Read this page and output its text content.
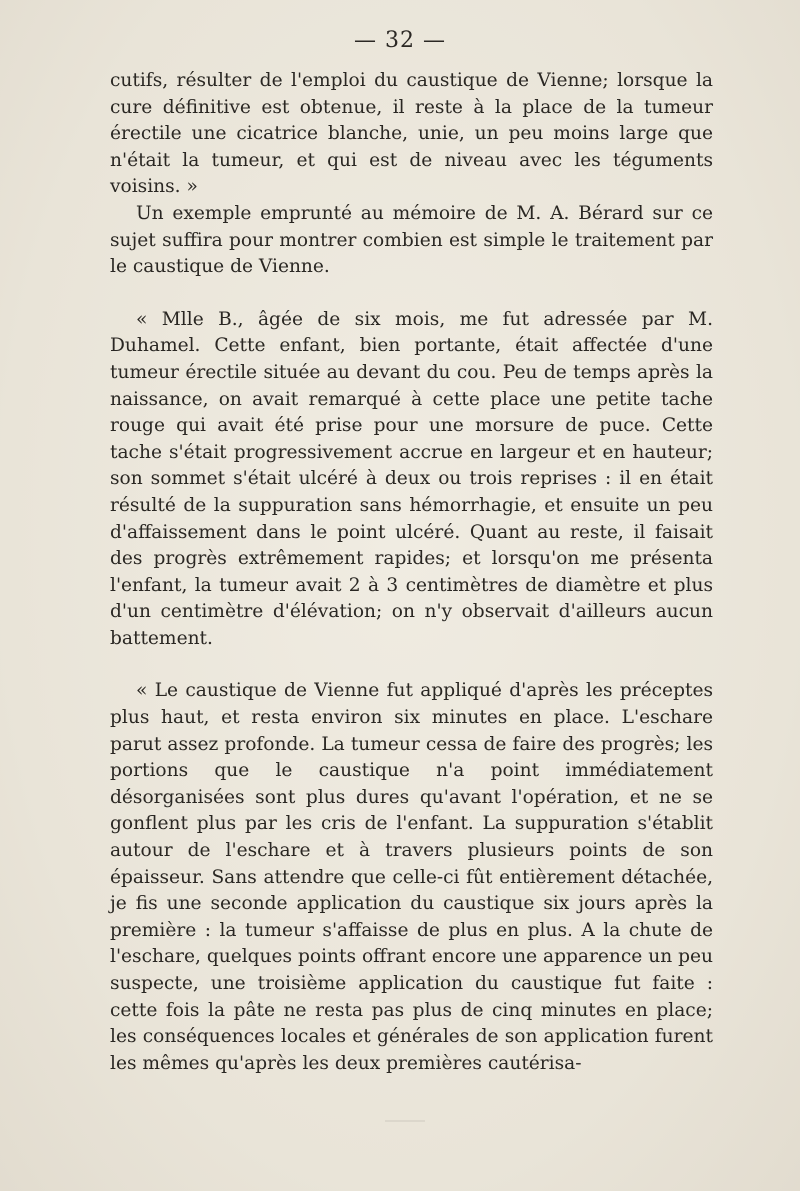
— 32 —

cutifs, résulter de l'emploi du caustique de Vienne; lorsque la cure définitive est obtenue, il reste à la place de la tumeur érectile une cicatrice blanche, unie, un peu moins large que n'était la tumeur, et qui est de niveau avec les téguments voisins. »

Un exemple emprunté au mémoire de M. A. Bérard sur ce sujet suffira pour montrer combien est simple le traitement par le caustique de Vienne.

« Mlle B., âgée de six mois, me fut adressée par M. Duhamel. Cette enfant, bien portante, était affectée d'une tumeur érectile située au devant du cou. Peu de temps après la naissance, on avait remarqué à cette place une petite tache rouge qui avait été prise pour une morsure de puce. Cette tache s'était progressivement accrue en largeur et en hauteur; son sommet s'était ulcéré à deux ou trois reprises : il en était résulté de la suppuration sans hémorrhagie, et ensuite un peu d'affaissement dans le point ulcéré. Quant au reste, il faisait des progrès extrêmement rapides; et lorsqu'on me présenta l'enfant, la tumeur avait 2 à 3 centimètres de diamètre et plus d'un centimètre d'élévation; on n'y observait d'ailleurs aucun battement.

« Le caustique de Vienne fut appliqué d'après les préceptes plus haut, et resta environ six minutes en place. L'eschare parut assez profonde. La tumeur cessa de faire des progrès; les portions que le caustique n'a point immédiatement désorganisées sont plus dures qu'avant l'opération, et ne se gonflent plus par les cris de l'enfant. La suppuration s'établit autour de l'eschare et à travers plusieurs points de son épaisseur. Sans attendre que celle-ci fût entièrement détachée, je fis une seconde application du caustique six jours après la première : la tumeur s'affaisse de plus en plus. A la chute de l'eschare, quelques points offrant encore une apparence un peu suspecte, une troisième application du caustique fut faite : cette fois la pâte ne resta pas plus de cinq minutes en place; les conséquences locales et générales de son application furent les mêmes qu'après les deux premières cautérisa-
